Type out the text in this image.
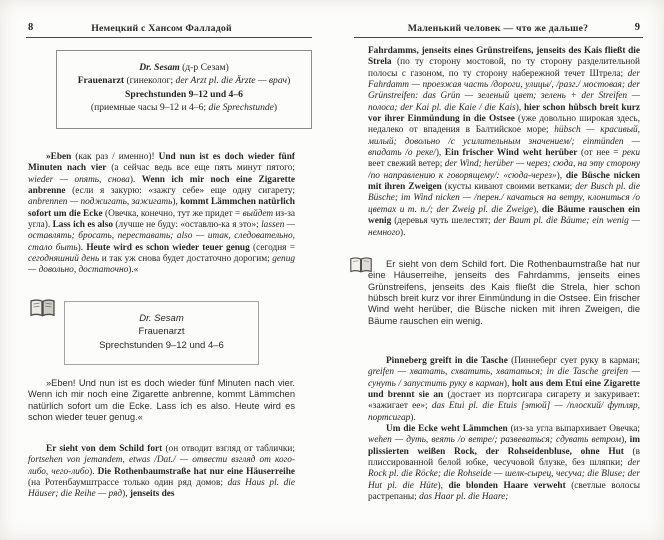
8	Немецкий с Хансом Фалладой
Dr. Sesam (д-р Сезам)
Frauenarzt (гинеколог; der Arzt pl. die Ärzte — врач)
Sprechstunden 9–12 und 4–6
(приемные часы 9–12 и 4–6; die Sprechstunde)

»Eben (как раз / именно)! Und nun ist es doch wieder fünf Minuten nach vier (а сейчас ведь все еще пять минут пятого; wieder — опять, снова). Wenn ich mir noch eine Zigarette anbrenne (если я закурю: «зажгу себе» еще одну сигарету; anbrennen — поджигать, зажигать), kommt Lämmchen natürlich sofort um die Ecke (Овечка, конечно, тут же придет = выйдет из-за угла). Lass ich es also (лучше не буду: «оставлю-ка я это»; lassen — оставлять; бросать, переставать; also — итак, следовательно, стало быть). Heute wird es schon wieder teuer genug (сегодня = сегодняшний день и так уж снова будет достаточно дорогим; genug — довольно, достаточно).«

Dr. Sesam
Frauenarzt
Sprechstunden 9–12 und 4–6

»Eben! Und nun ist es doch wieder fünf Minuten nach vier. Wenn ich mir noch eine Zigarette anbrenne, kommt Lämmchen natürlich sofort um die Ecke. Lass ich es also. Heute wird es schon wieder teuer genug.«

Er sieht von dem Schild fort (он отводит взгляд от таблички; fortsehen von jemandem, etwas /Dat./ — отвести взгляд от кого-либо, чего-либо). Die Rothenbaumstraße hat nur eine Häuserreihe (на Ротенбаумштрассе только один ряд домов; das Haus pl. die Häuser; die Reihe — ряд), jenseits des

9
Маленький человек — что же дальше?

Fahrdamms, jenseits eines Grünstreifens, jenseits des Kais fließt die Strela (по ту сторону мостовой, по ту сторону разделительной полосы с газоном, по ту сторону набережной течет Штрела; der Fahrdamm — проезжая часть /дороги, улицы/, /разг./ мостовая; der Grünstreifen: das Grün — зеленый цвет; зелень + der Streifen — полоса; der Kai pl. die Kaie / die Kais), hier schon hübsch breit kurz vor ihrer Einmündung in die Ostsee (уже довольно широкая здесь, недалеко от впадения в Балтийское море; hübsch — красивый, милый; довольно /с усилительным значением/; einmünden — впадать /о реке/), Ein frischer Wind weht herüber (от нее = реки веет свежий ветер; der Wind; herüber — через; сюда, на эту сторону /по направлению к говорящему/: «сюда-через»), die Büsche nicken mit ihren Zweigen (кусты кивают своими ветками; der Busch pl. die Büsche; im Wind nicken — /перен./ качаться на ветру, клониться /о цветах и т. п./; der Zweig pl. die Zweige), die Bäume rauschen ein wenig (деревья чуть шелестят; der Baum pl. die Bäume; ein wenig — немного).

Er sieht von dem Schild fort. Die Rothenbaumstraße hat nur eine Häuserreihe, jenseits des Fahrdamms, jenseits eines Grünstreifens, jenseits des Kais fließt die Strela, hier schon hübsch breit kurz vor ihrer Einmündung in die Ostsee. Ein frischer Wind weht herüber, die Büsche nicken mit ihren Zweigen, die Bäume rauschen ein wenig.

Pinneberg greift in die Tasche (Пиннеберг сует руку в карман; greifen — хватать, схватить, хвататься; in die Tasche greifen — сунуть / запустить руку в карман), holt aus dem Etui eine Zigarette und brennt sie an (достает из портсигара сигарету и закуривает: «зажигает ее»; das Etui pl. die Etuis [этюй] — /плоский/ футляр, портсигар).

Um die Ecke weht Lämmchen (из-за угла выпархивает Овечка; wehen — дуть, веять /о ветре/; развеваться; сдувать ветром), im plissierten weißen Rock, der Rohseidenbluse, ohne Hut (в плиссированной белой юбке, чесучовой блузке, без шляпки; der Rock pl. die Röcke; die Rohseide — шелк-сырец, чесуча; die Bluse; der Hut pl. die Hüte), die blonden Haare verweht (светлые волосы растрепаны; das Haar pl. die Haare;
